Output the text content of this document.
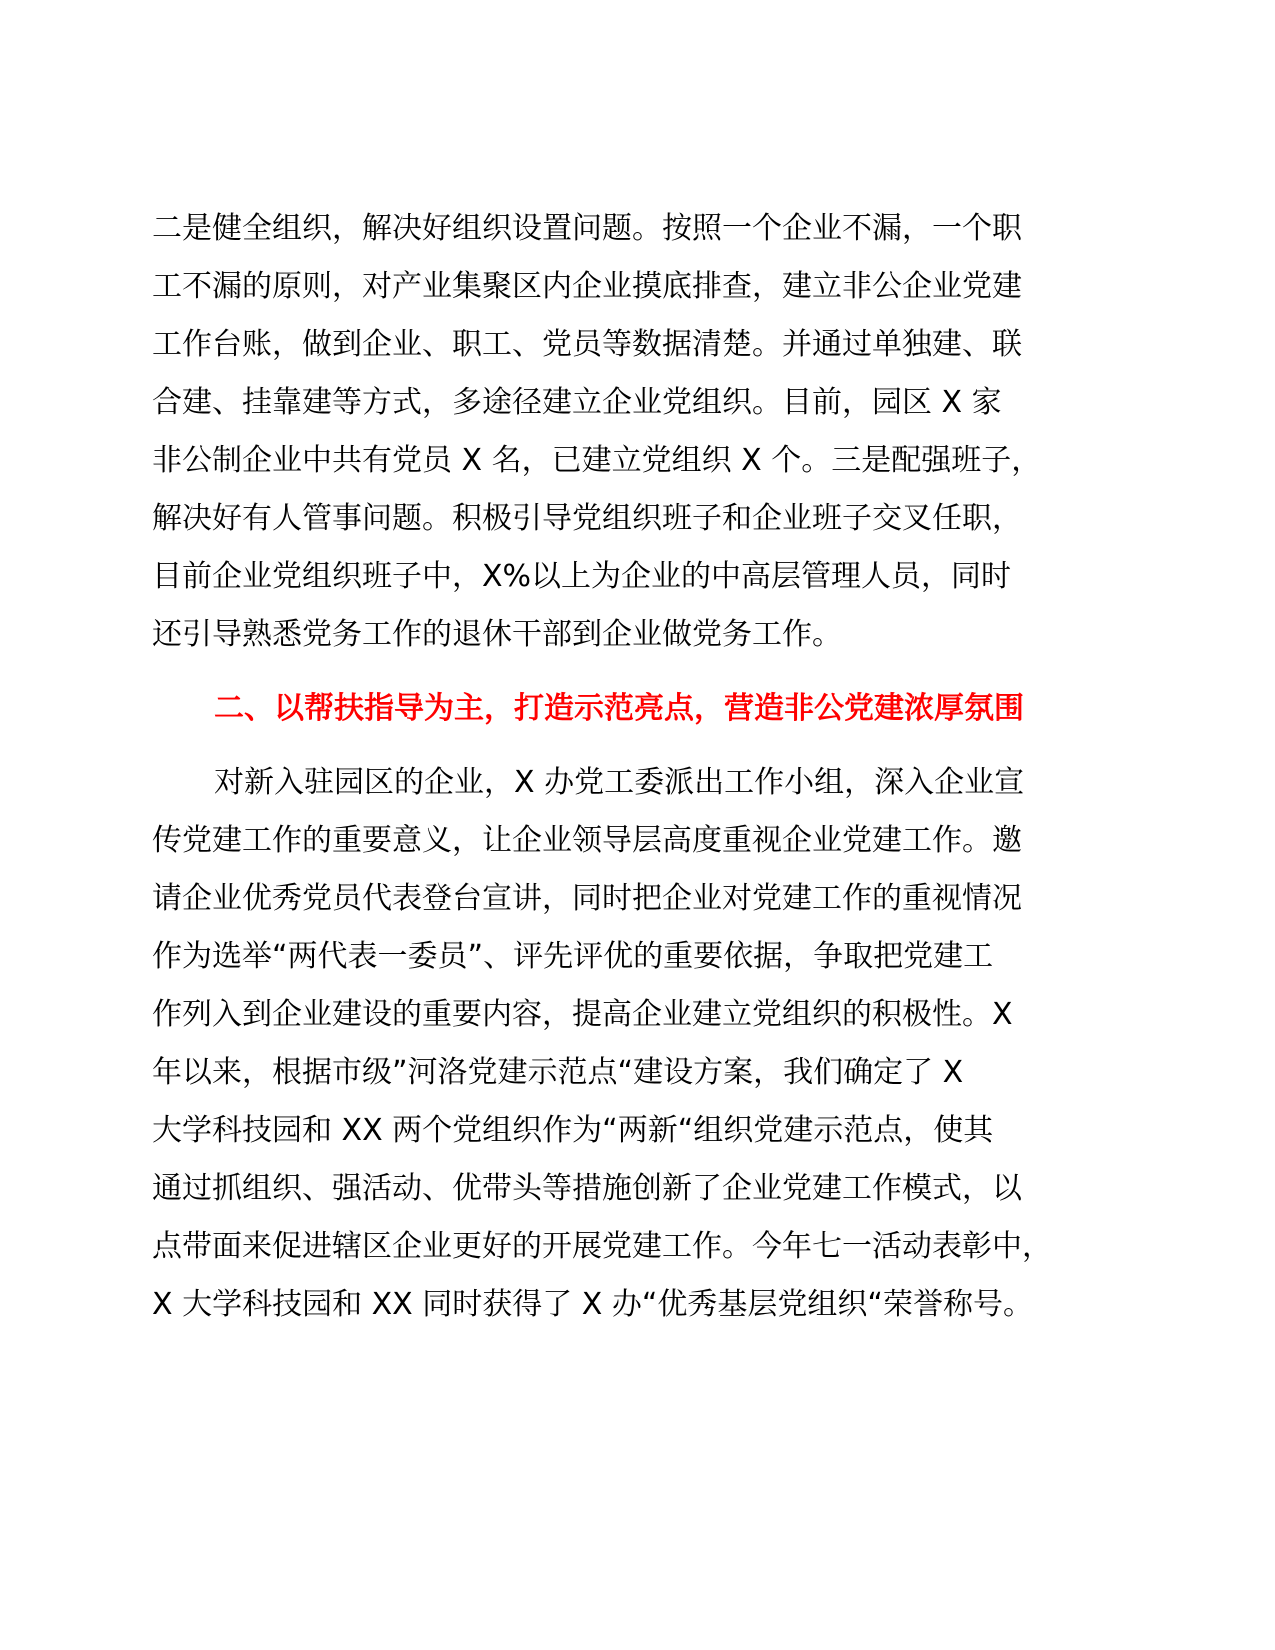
二是健全组织，解决好组织设置问题。按照一个企业不漏，一个职
工不漏的原则，对产业集聚区内企业摸底排查，建立非公企业党建
工作台账，做到企业、职工、党员等数据清楚。并通过单独建、联
合建、挂靠建等方式，多途径建立企业党组织。目前，园区 X 家
非公制企业中共有党员 X 名，已建立党组织 X 个。三是配强班子，
解决好有人管事问题。积极引导党组织班子和企业班子交叉任职，
目前企业党组织班子中，X%以上为企业的中高层管理人员，同时
还引导熟悉党务工作的退休干部到企业做党务工作。
二、以帮扶指导为主，打造示范亮点，营造非公党建浓厚氛围
对新入驻园区的企业，X 办党工委派出工作小组，深入企业宣
传党建工作的重要意义，让企业领导层高度重视企业党建工作。邀
请企业优秀党员代表登台宣讲，同时把企业对党建工作的重视情况
作为选举“两代表一委员”、评先评优的重要依据，争取把党建工
作列入到企业建设的重要内容，提高企业建立党组织的积极性。X
年以来，根据市级”河洛党建示范点“建设方案，我们确定了 X
大学科技园和 XX 两个党组织作为“两新“组织党建示范点，使其
通过抓组织、强活动、优带头等措施创新了企业党建工作模式，以
点带面来促进辖区企业更好的开展党建工作。今年七一活动表彰中，
X 大学科技园和 XX 同时获得了 X 办“优秀基层党组织“荣誉称号。
